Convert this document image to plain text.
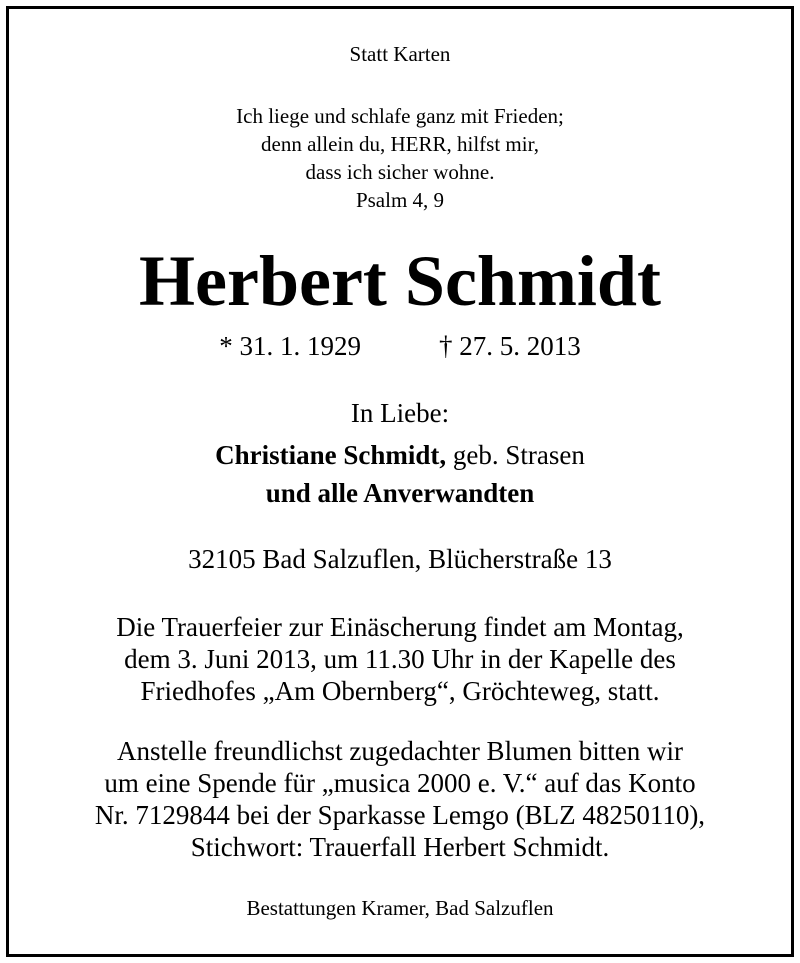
Statt Karten
Ich liege und schlafe ganz mit Frieden;
denn allein du, HERR, hilfst mir,
dass ich sicher wohne.
Psalm 4, 9
Herbert Schmidt
* 31. 1. 1929	† 27. 5. 2013
In Liebe:
Christiane Schmidt, geb. Strasen
und alle Anverwandten
32105 Bad Salzuflen, Blücherstraße 13
Die Trauerfeier zur Einäscherung findet am Montag,
dem 3. Juni 2013, um 11.30 Uhr in der Kapelle des
Friedhofes „Am Obernberg“, Gröchteweg, statt.
Anstelle freundlichst zugedachter Blumen bitten wir
um eine Spende für „musica 2000 e. V.“ auf das Konto
Nr. 7129844 bei der Sparkasse Lemgo (BLZ 48250110),
Stichwort: Trauerfall Herbert Schmidt.
Bestattungen Kramer, Bad Salzuflen
